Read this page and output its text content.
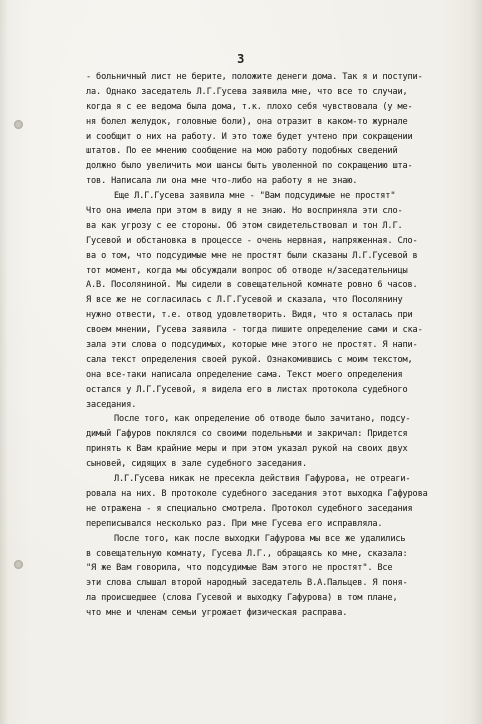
3
- больничный лист не берите, положите денеги дома. Так я и поступи-
ла. Однако заседатель Л.Г.Гусева заявила мне, что все то случаи,
когда я с ее ведома была дома, т.к. плохо себя чувствовала (у ме-
ня болел желудок, головные боли), она отразит в каком-то журнале
и сообщит о них на работу. И это тоже будет учтено при сокращении
штатов. По ее мнению сообщение на мою работу подобных сведений
должно было увеличить мои шансы быть уволенной по сокращению шта-
тов. Написала ли она мне что-либо на работу я не знаю.
Еще Л.Г.Гусева заявила мне - "Вам подсудимые не простят"
Что она имела при этом в виду я не знаю. Но восприняла эти сло-
ва как угрозу с ее стороны. Об этом свидетельствовал и тон Л.Г.
Гусевой и обстановка в процессе - очень нервная, напряженная. Сло-
ва о том, что подсудимые мне не простят были сказаны Л.Г.Гусевой в
тот момент, когда мы обсуждали вопрос об отводе н/заседательницы
А.В. Посоляниной. Мы сидели в совещательной комнате ровно 6 часов.
Я все же не согласилась с Л.Г.Гусевой и сказала, что Посолянину
нужно отвести, т.е. отвод удовлетворить. Видя, что я осталась при
своем мнении, Гусева заявила - тогда пишите определение сами и ска-
зала эти слова о подсудимых, которые мне этого не простят. Я напи-
сала текст определения своей рукой. Ознакомившись с моим текстом,
она все-таки написала определение сама. Текст моего определения
остался у Л.Г.Гусевой, я видела его в листах протокола судебного
заседания.
После того, как определение об отводе было зачитано, подсу-
димый Гафуров поклялся со своими подельными и закричал: Придется
принять к Вам крайние меры и при этом указал рукой на своих двух
сыновей, сидящих в зале судебного заседания.
Л.Г.Гусева никак не пресекла действия Гафурова, не отреаги-
ровала на них. В протоколе судебного заседания этот выходка Гафурова
не отражена - я специально смотрела. Протокол судебного заседания
переписывался несколько раз. При мне Гусева его исправляла.
После того, как после выходки Гафурова мы все же удалились
в совещательную комнату, Гусева Л.Г., обращаясь ко мне, сказала:
"Я же Вам говорила, что подсудимые Вам этого не простят". Все
эти слова слышал второй народный заседатель В.А.Пальцев. Я поня-
ла происшедшее (слова Гусевой и выходку Гафурова) в том плане,
что мне и членам семьи угрожает физическая расправа.
